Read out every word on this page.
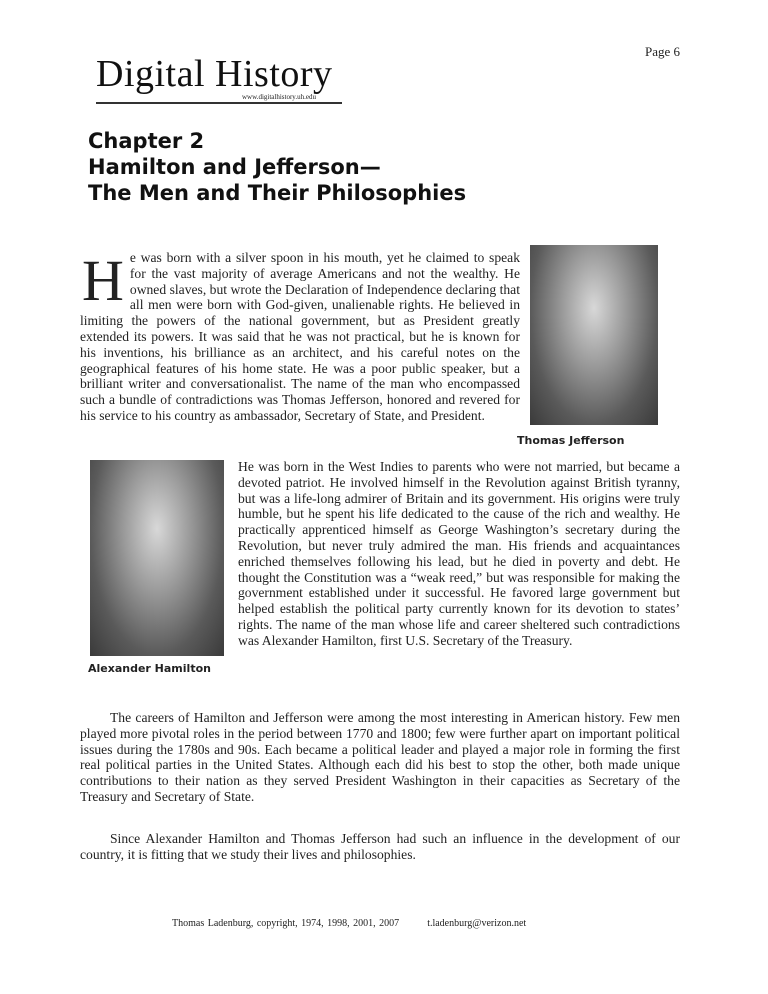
Page 6
Digital History
www.digitalhistory.uh.edu
Chapter 2
Hamilton and Jefferson—
The Men and Their Philosophies
He was born with a silver spoon in his mouth, yet he claimed to speak for the vast majority of average Americans and not the wealthy. He owned slaves, but wrote the Declaration of Independence declaring that all men were born with God-given, unalienable rights. He believed in limiting the powers of the national government, but as President greatly extended its powers. It was said that he was not practical, but he is known for his inventions, his brilliance as an architect, and his careful notes on the geographical features of his home state. He was a poor public speaker, but a brilliant writer and conversationalist. The name of the man who encompassed such a bundle of contradictions was Thomas Jefferson, honored and revered for his service to his country as ambassador, Secretary of State, and President.
Thomas Jefferson
Alexander Hamilton
He was born in the West Indies to parents who were not married, but became a devoted patriot. He involved himself in the Revolution against British tyranny, but was a life-long admirer of Britain and its government. His origins were truly humble, but he spent his life dedicated to the cause of the rich and wealthy. He practically apprenticed himself as George Washington’s secretary during the Revolution, but never truly admired the man. His friends and acquaintances enriched themselves following his lead, but he died in poverty and debt. He thought the Constitution was a “weak reed,” but was responsible for making the government established under it successful. He favored large government but helped establish the political party currently known for its devotion to states’ rights. The name of the man whose life and career sheltered such contradictions was Alexander Hamilton, first U.S. Secretary of the Treasury.
The careers of Hamilton and Jefferson were among the most interesting in American history. Few men played more pivotal roles in the period between 1770 and 1800; few were further apart on important political issues during the 1780s and 90s. Each became a political leader and played a major role in forming the first real political parties in the United States. Although each did his best to stop the other, both made unique contributions to their nation as they served President Washington in their capacities as Secretary of the Treasury and Secretary of State.
Since Alexander Hamilton and Thomas Jefferson had such an influence in the development of our country, it is fitting that we study their lives and philosophies.
Thomas Ladenburg, copyright, 1974, 1998, 2001, 2007	t.ladenburg@verizon.net
